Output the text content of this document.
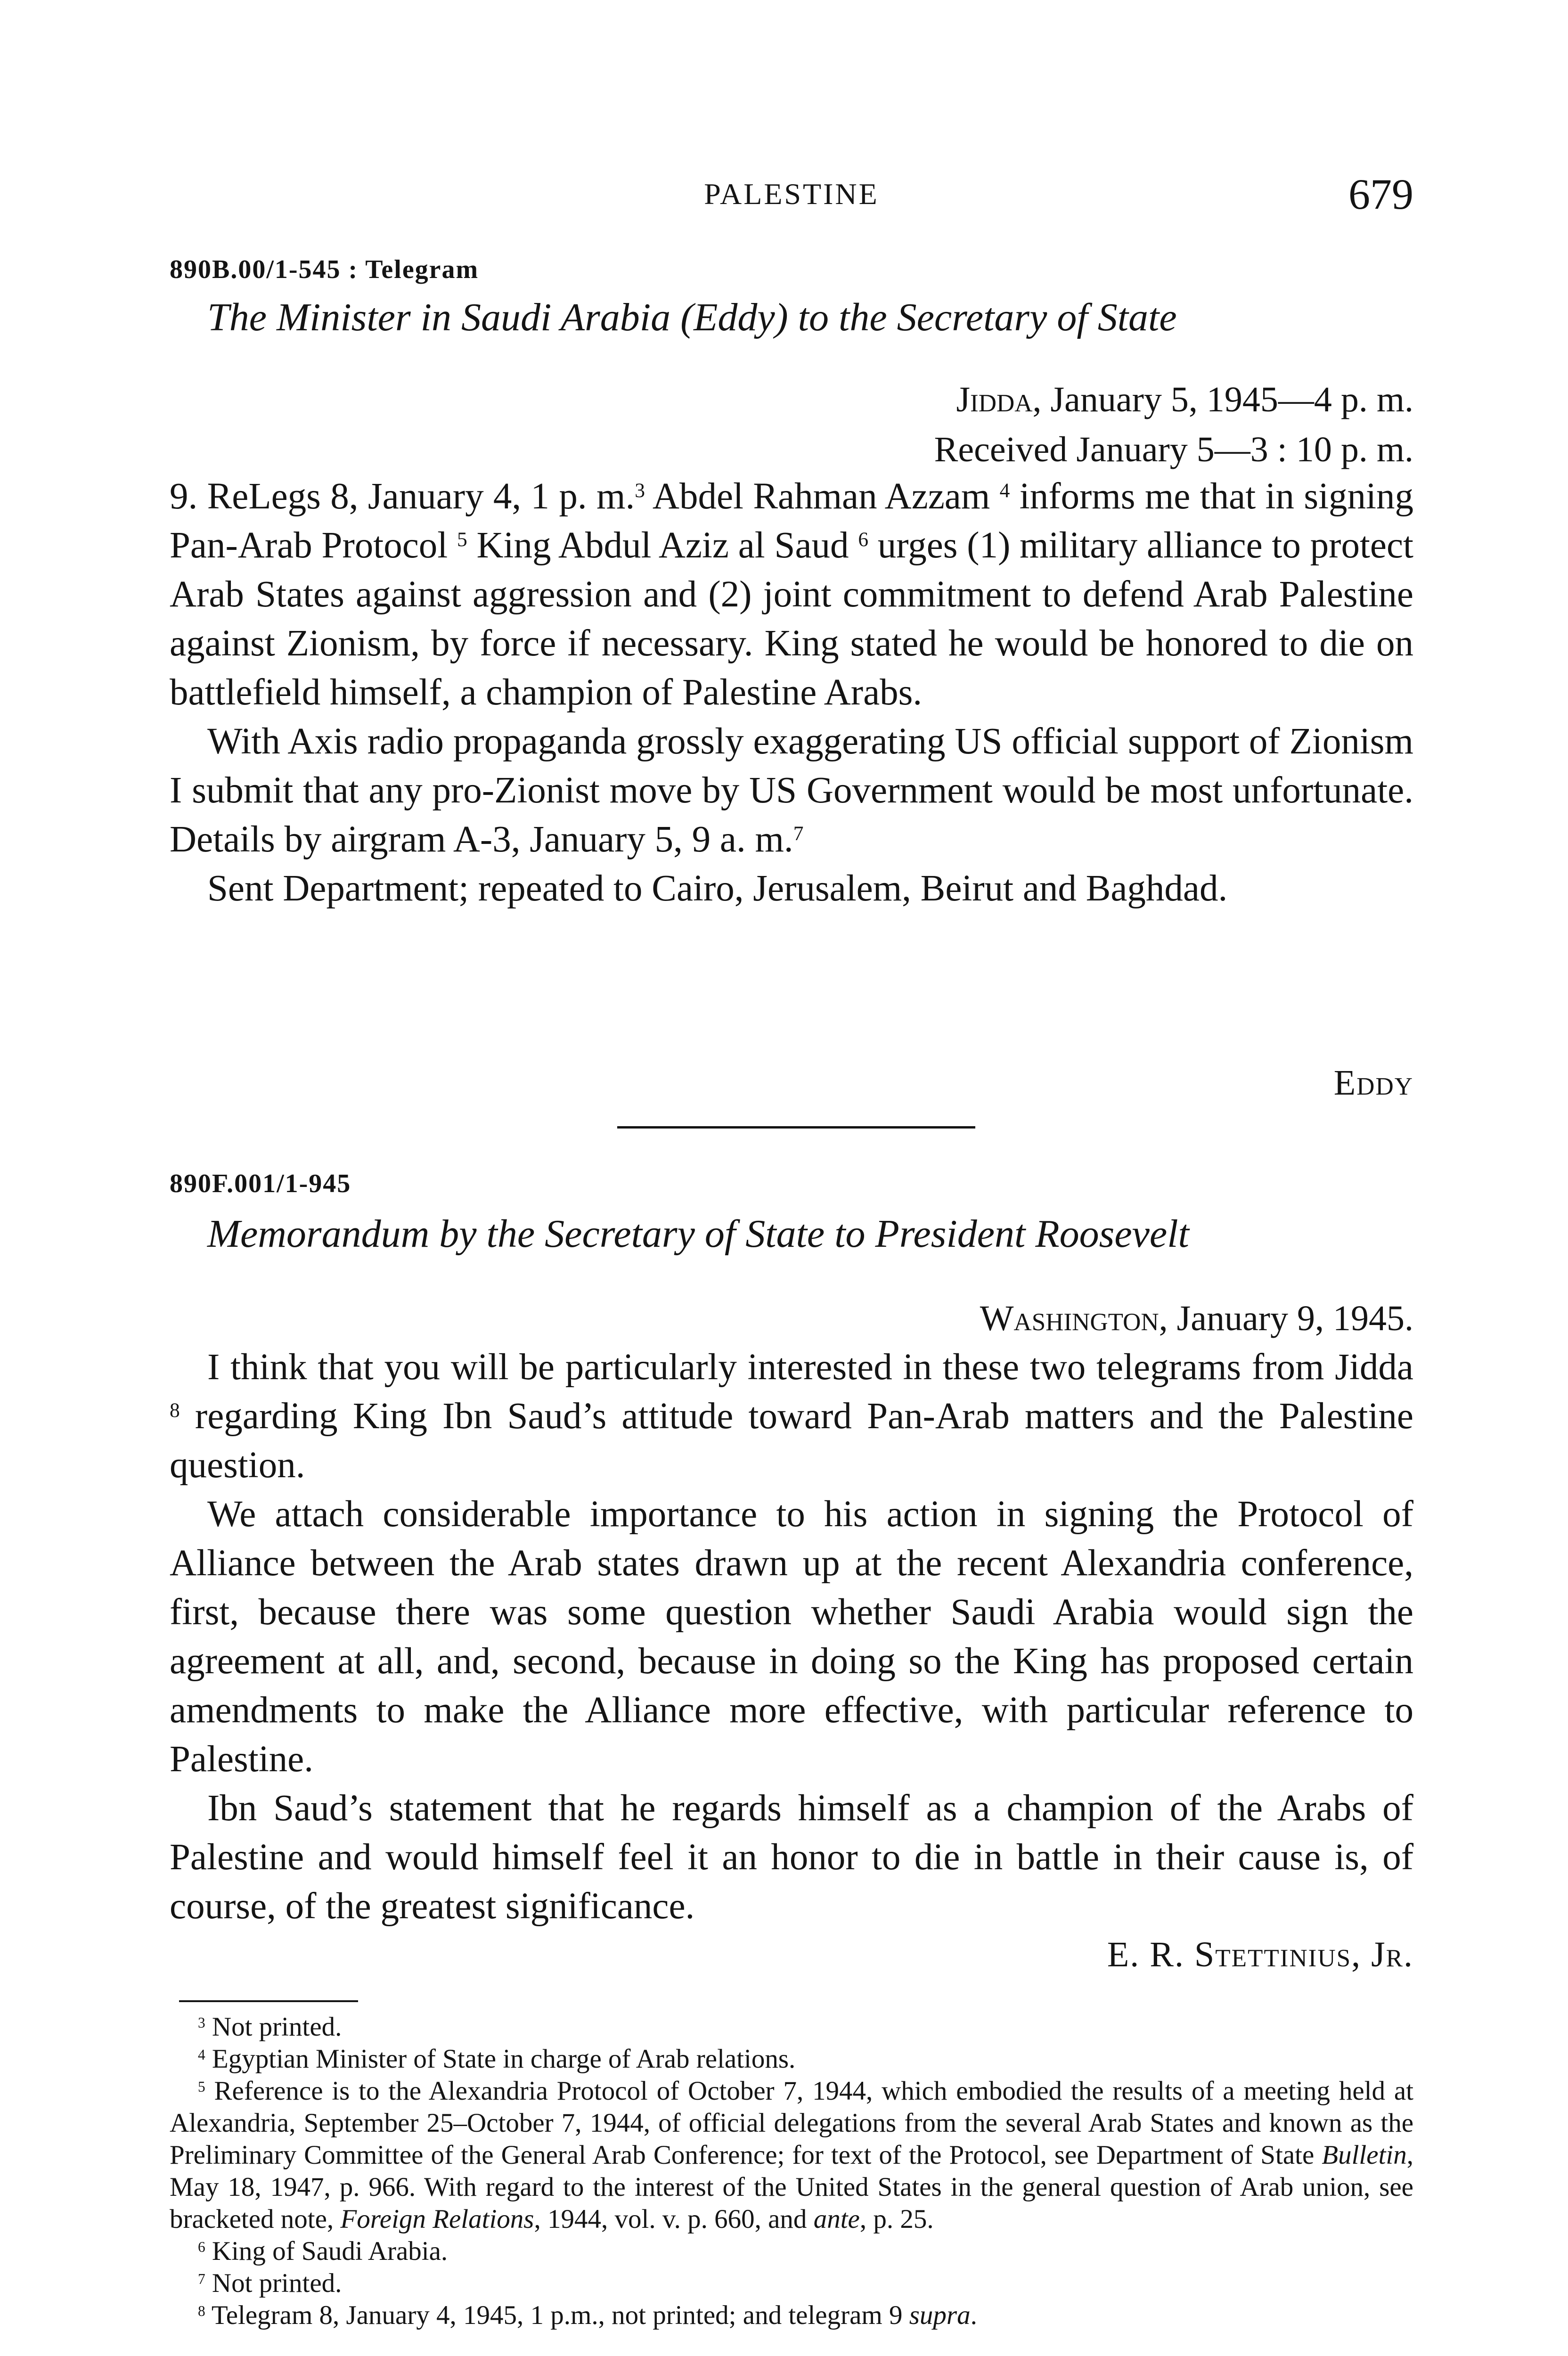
PALESTINE	679
890B.00/1-545 : Telegram
The Minister in Saudi Arabia (Eddy) to the Secretary of State
Jidda, January 5, 1945—4 p. m.
Received January 5—3 : 10 p. m.

9. ReLegs 8, January 4, 1 p. m.$^3$ Abdel Rahman Azzam $^4$ informs me that in signing Pan-Arab Protocol $^5$ King Abdul Aziz al Saud $^6$ urges (1) military alliance to protect Arab States against aggression and (2) joint commitment to defend Arab Palestine against Zionism, by force if necessary. King stated he would be honored to die on battlefield himself, a champion of Palestine Arabs.

With Axis radio propaganda grossly exaggerating US official support of Zionism I submit that any pro-Zionist move by US Government would be most unfortunate. Details by airgram A-3, January 5, 9 a. m.$^7$

Sent Department; repeated to Cairo, Jerusalem, Beirut and Baghdad.

Eddy
890F.001/1-945
Memorandum by the Secretary of State to President Roosevelt
Washington, January 9, 1945.

I think that you will be particularly interested in these two telegrams from Jidda $^8$ regarding King Ibn Saud’s attitude toward Pan-Arab matters and the Palestine question.

We attach considerable importance to his action in signing the Protocol of Alliance between the Arab states drawn up at the recent Alexandria conference, first, because there was some question whether Saudi Arabia would sign the agreement at all, and, second, because in doing so the King has proposed certain amendments to make the Alliance more effective, with particular reference to Palestine.

Ibn Saud’s statement that he regards himself as a champion of the Arabs of Palestine and would himself feel it an honor to die in battle in their cause is, of course, of the greatest significance.

E. R. Stettinius, Jr.

$^3$ Not printed.

$^4$ Egyptian Minister of State in charge of Arab relations.

$^5$ Reference is to the Alexandria Protocol of October 7, 1944, which embodied the results of a meeting held at Alexandria, September 25–October 7, 1944, of official delegations from the several Arab States and known as the Preliminary Committee of the General Arab Conference; for text of the Protocol, see Department of State Bulletin, May 18, 1947, p. 966. With regard to the interest of the United States in the general question of Arab union, see bracketed note, Foreign Relations, 1944, vol. v. p. 660, and ante, p. 25.

$^6$ King of Saudi Arabia.

$^7$ Not printed.

$^8$ Telegram 8, January 4, 1945, 1 p.m., not printed; and telegram 9 supra.
